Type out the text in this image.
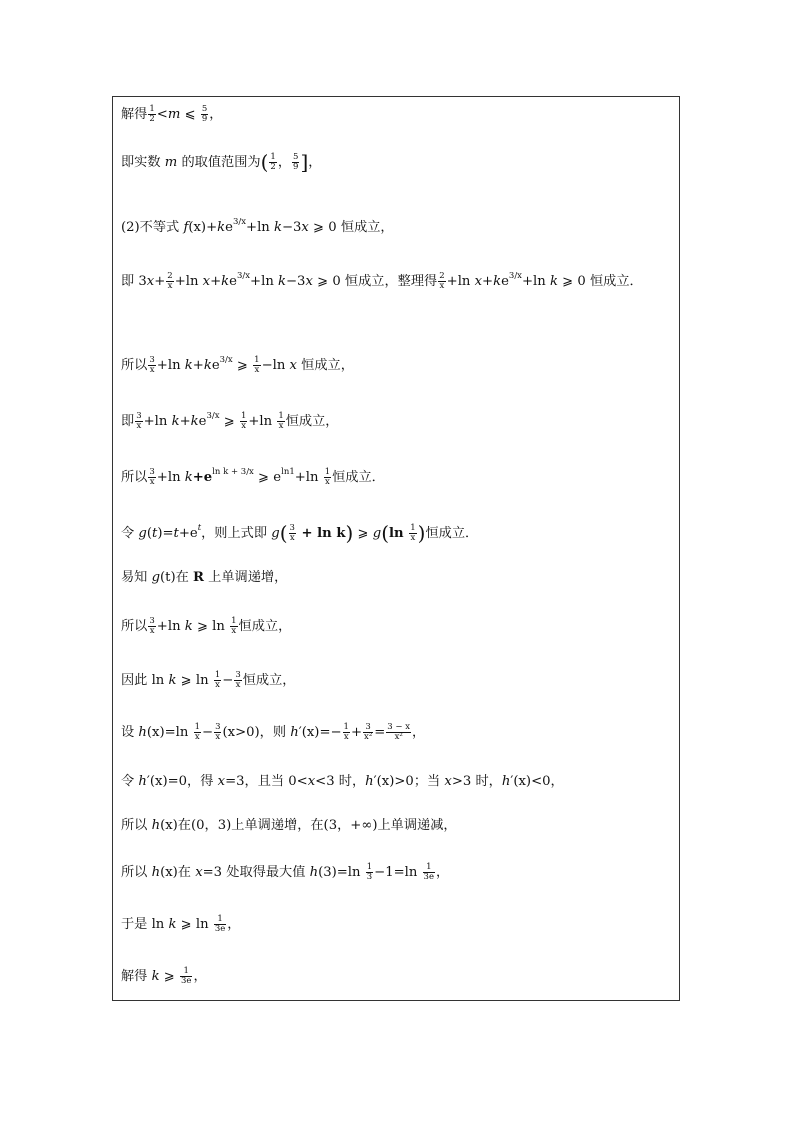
解得 $\frac{1}{2} <m$ ⩽ $\frac{5}{9}$ ，
即实数 m 的取值范围为( $\frac{1}{2}$ ， $\frac{5}{9}$ ]，
(2)不等式 $f(x)+ke^{3/x}+\ln$ k−3x ⩾ 0 恒成立，
即 $3x+ \frac{2}{x} +\ln$ $x+ke^{3/x}+\ln$ k−3x ⩾ 0 恒成立，整理得 $\frac{2}{x} +\ln$ $x+ke^{3/x}+\ln$ k ⩾ 0 恒成立．
所以 $\frac{3}{x} +\ln$ $k+ke^{3/x}$ ⩾ $\frac{1}{x} -\ln$ x 恒成立，
即 $\frac{3}{x} +\ln$ $k+ke^{3/x}$ ⩾ $\frac{1}{x} +\ln \frac{1}{x}$ 恒成立，
所以 $\frac{3}{x} +\ln$ $k+e^{ln k +}$ $^{3/x}$ ⩾ $e^{ln1}+\ln \frac{1}{x}$ 恒成立．
令 $g(t)=t+e^t$，则上式即 $g( \frac{3}{x} + \ln k)$ ⩾ $g(\ln \frac{1}{x}$ )恒成立．
易知 g(t)在 R 上单调递增，
所以 $\frac{3}{x} +\ln$ k ⩾ $\ln \frac{1}{x}$ 恒成立，
因此 ln k ⩾ $\ln \frac{1}{x} - \frac{3}{x}$ 恒成立，
设 $h(x)=\ln \frac{1}{x} - \frac{3}{x} (x>0)$，则 $h'(x)=- \frac{1}{x} + \frac{3}{\text{x²}} = \frac{3 - x}{\text{x²}}$ ，
令 h′(x)=0，得 x=3，且当 0<x<3 时，h′(x)>0；当 x>3 时，h′(x)<0，
所以 h(x)在(0，3)上单调递增，在(3，+∞)上单调递减，
所以 h(x)在 x=3 处取得最大值 $h(3)=\ln \frac{1}{3} -1=\ln \frac{1}{3e}$ ，
于是 ln k ⩾ $\ln \frac{1}{3e}$ ，
解得 k ⩾ $\frac{1}{3e}$ ，
